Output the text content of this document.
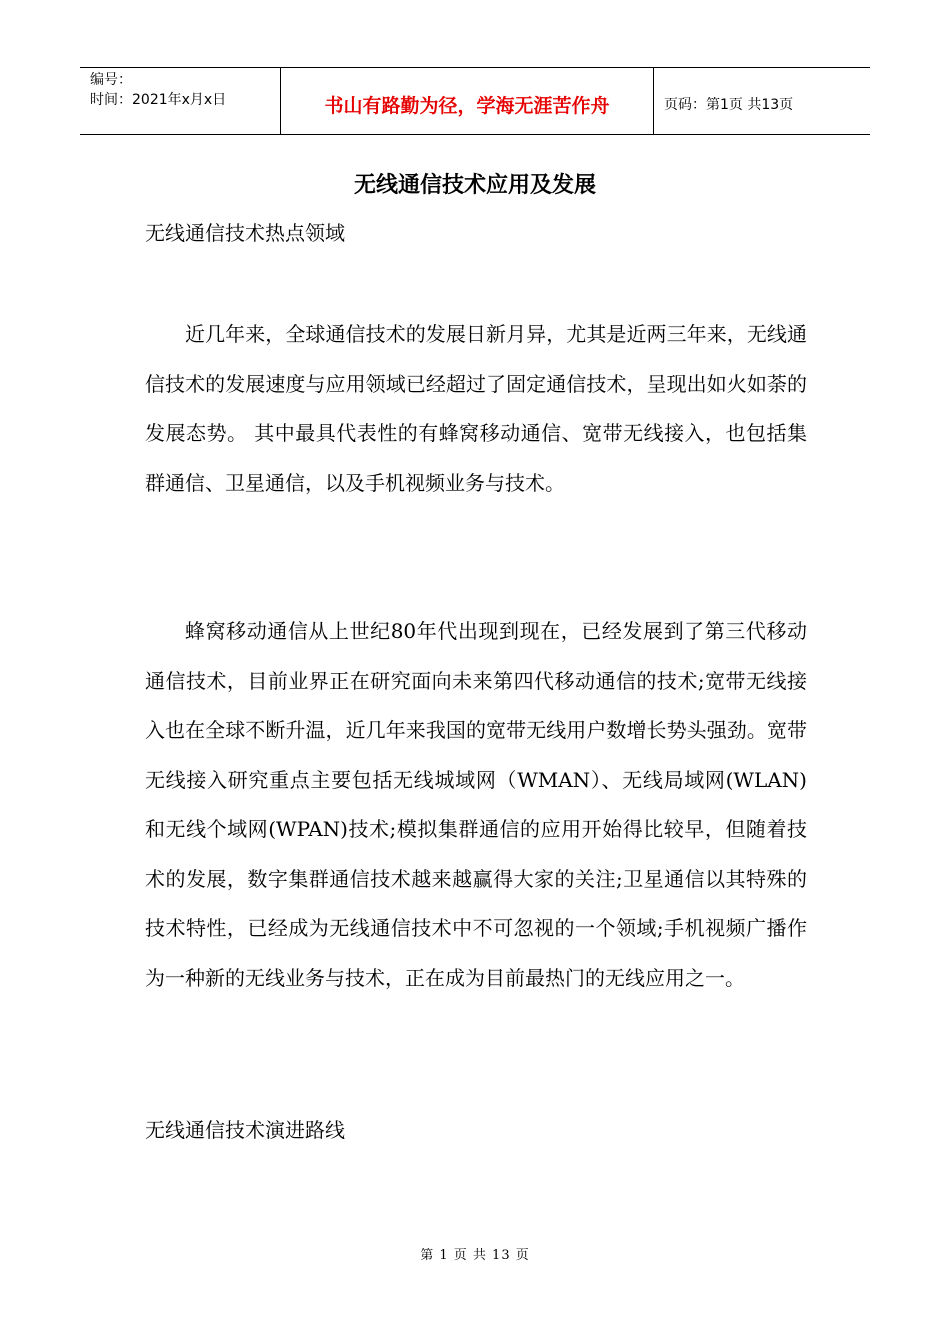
编号：
时间：2021年x月x日	书山有路勤为径，学海无涯苦作舟	页码：第1页 共13页
无线通信技术应用及发展
无线通信技术热点领域

近几年来，全球通信技术的发展日新月异，尤其是近两三年来，无线通信技术的发展速度与应用领域已经超过了固定通信技术，呈现出如火如荼的发展态势。 其中最具代表性的有蜂窝移动通信、宽带无线接入，也包括集群通信、卫星通信，以及手机视频业务与技术。

蜂窝移动通信从上世纪80年代出现到现在，已经发展到了第三代移动通信技术，目前业界正在研究面向未来第四代移动通信的技术;宽带无线接入也在全球不断升温，近几年来我国的宽带无线用户数增长势头强劲。宽带无线接入研究重点主要包括无线城域网（WMAN）、无线局域网(WLAN)和无线个域网(WPAN)技术;模拟集群通信的应用开始得比较早，但随着技术的发展，数字集群通信技术越来越赢得大家的关注;卫星通信以其特殊的技术特性，已经成为无线通信技术中不可忽视的一个领域;手机视频广播作为一种新的无线业务与技术，正在成为目前最热门的无线应用之一。

无线通信技术演进路线
第 1 页 共 13 页
